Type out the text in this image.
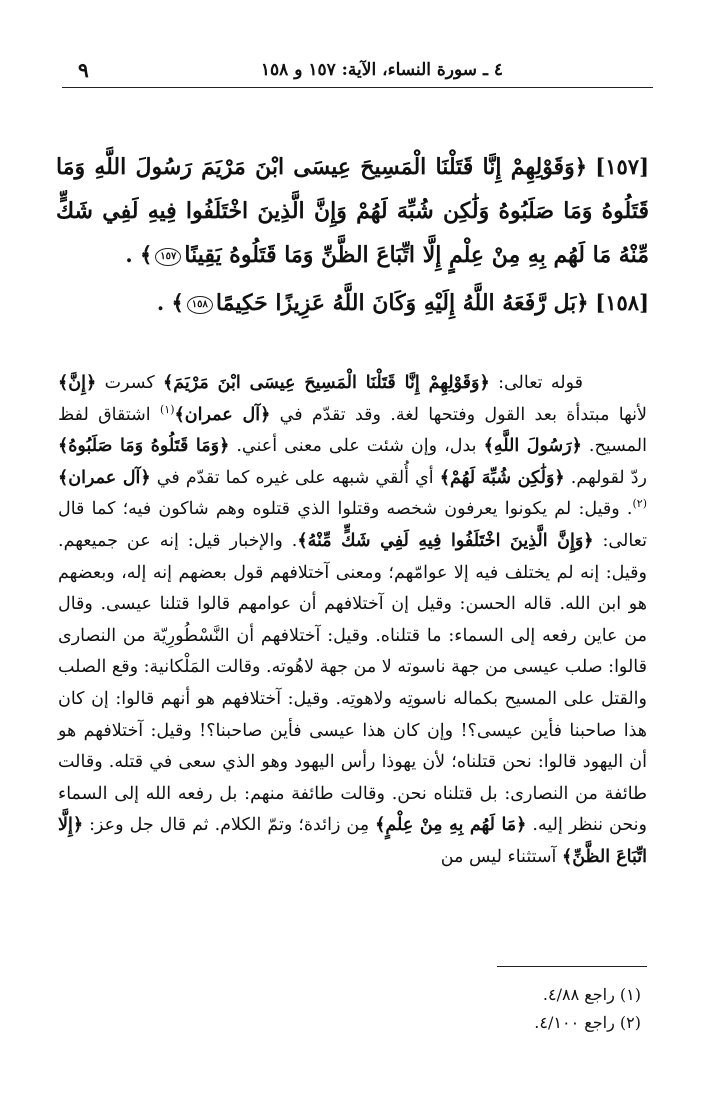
٤ ـ سورة النساء، الآية: ١٥٧ و ١٥٨
٩
[١٥٧] ﴿وَقَوْلِهِمْ إِنَّا قَتَلْنَا الْمَسِيحَ عِيسَى ابْنَ مَرْيَمَ رَسُولَ اللَّهِ وَمَا قَتَلُوهُ وَمَا صَلَبُوهُ وَلَٰكِن شُبِّهَ لَهُمْ وَإِنَّ الَّذِينَ اخْتَلَفُوا فِيهِ لَفِي شَكٍّ مِّنْهُ مَا لَهُم بِهِ مِنْ عِلْمٍ إِلَّا اتِّبَاعَ الظَّنِّ وَمَا قَتَلُوهُ يَقِينًا١٥٧﴾ .
[١٥٨] ﴿بَل رَّفَعَهُ اللَّهُ إِلَيْهِ وَكَانَ اللَّهُ عَزِيزًا حَكِيمًا١٥٨﴾ .

قوله تعالى: ﴿وَقَوْلِهِمْ إِنَّا قَتَلْنَا الْمَسِيحَ عِيسَى ابْنَ مَرْيَمَ﴾ كسرت ﴿إِنَّ﴾ لأنها مبتدأة بعد القول وفتحها لغة. وقد تقدّم في ﴿آل عمران﴾$^{(١)}$ اشتقاق لفظ المسيح. ﴿رَسُولَ اللَّهِ﴾ بدل، وإن شئت على معنى أعني. ﴿وَمَا قَتَلُوهُ وَمَا صَلَبُوهُ﴾ ردّ لقولهم. ﴿وَلَٰكِن شُبِّهَ لَهُمْ﴾ أي أُلقي شبهه على غيره كما تقدّم في ﴿آل عمران﴾$^{(٢)}$. وقيل: لم يكونوا يعرفون شخصه وقتلوا الذي قتلوه وهم شاكون فيه؛ كما قال تعالى: ﴿وَإِنَّ الَّذِينَ اخْتَلَفُوا فِيهِ لَفِي شَكٍّ مِّنْهُ﴾. والإخبار قيل: إنه عن جميعهم. وقيل: إنه لم يختلف فيه إلا عوامّهم؛ ومعنى آختلافهم قول بعضهم إنه إله، وبعضهم هو ابن الله. قاله الحسن: وقيل إن آختلافهم أن عوامهم قالوا قتلنا عيسى. وقال من عاين رفعه إلى السماء: ما قتلناه. وقيل: آختلافهم أن النَّسْطُورِيّة من النصارى قالوا: صلب عيسى من جهة ناسوته لا من جهة لاهُوته. وقالت المَلْكانية: وقع الصلب والقتل على المسيح بكماله ناسوتِه ولاهوتِه. وقيل: آختلافهم هو أنهم قالوا: إن كان هذا صاحبنا فأين عيسى؟! وإن كان هذا عيسى فأين صاحبنا؟! وقيل: آختلافهم هو أن اليهود قالوا: نحن قتلناه؛ لأن يهوذا رأس اليهود وهو الذي سعى في قتله. وقالت طائفة من النصارى: بل قتلناه نحن. وقالت طائفة منهم: بل رفعه الله إلى السماء ونحن ننظر إليه. ﴿مَا لَهُم بِهِ مِنْ عِلْمٍ﴾ مِن زائدة؛ وتمّ الكلام. ثم قال جل وعز: ﴿إِلَّا اتِّبَاعَ الظَّنِّ﴾ آستثناء ليس من

(١) راجع ٤/٨٨.
(٢) راجع ٤/١٠٠.
